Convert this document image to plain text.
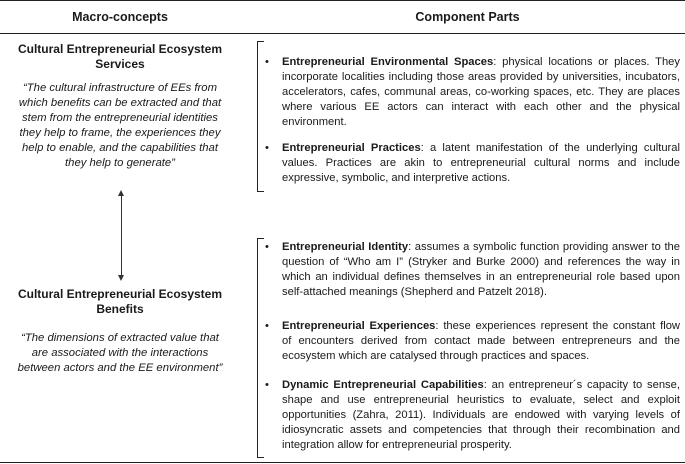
Macro-concepts	Component Parts
Cultural Entrepreneurial Ecosystem Services
“The cultural infrastructure of EEs from which benefits can be extracted and that stem from the entrepreneurial identities they help to frame, the experiences they help to enable, and the capabilities that they help to generate”
Cultural Entrepreneurial Ecosystem Benefits
“The dimensions of extracted value that are associated with the interactions between actors and the EE environment”
• Entrepreneurial Environmental Spaces: physical locations or places. They incorporate localities including those areas provided by universities, incubators, accelerators, cafes, communal areas, co-working spaces, etc. They are places where various EE actors can interact with each other and the physical environment.
• Entrepreneurial Practices: a latent manifestation of the underlying cultural values. Practices are akin to entrepreneurial cultural norms and include expressive, symbolic, and interpretive actions.
• Entrepreneurial Identity: assumes a symbolic function providing answer to the question of “Who am I” (Stryker and Burke 2000) and references the way in which an individual defines themselves in an entrepreneurial role based upon self-attached meanings (Shepherd and Patzelt 2018).
• Entrepreneurial Experiences: these experiences represent the constant flow of encounters derived from contact made between entrepreneurs and the ecosystem which are catalysed through practices and spaces.
• Dynamic Entrepreneurial Capabilities: an entrepreneur´s capacity to sense, shape and use entrepreneurial heuristics to evaluate, select and exploit opportunities (Zahra, 2011). Individuals are endowed with varying levels of idiosyncratic assets and competencies that through their recombination and integration allow for entrepreneurial prosperity.
